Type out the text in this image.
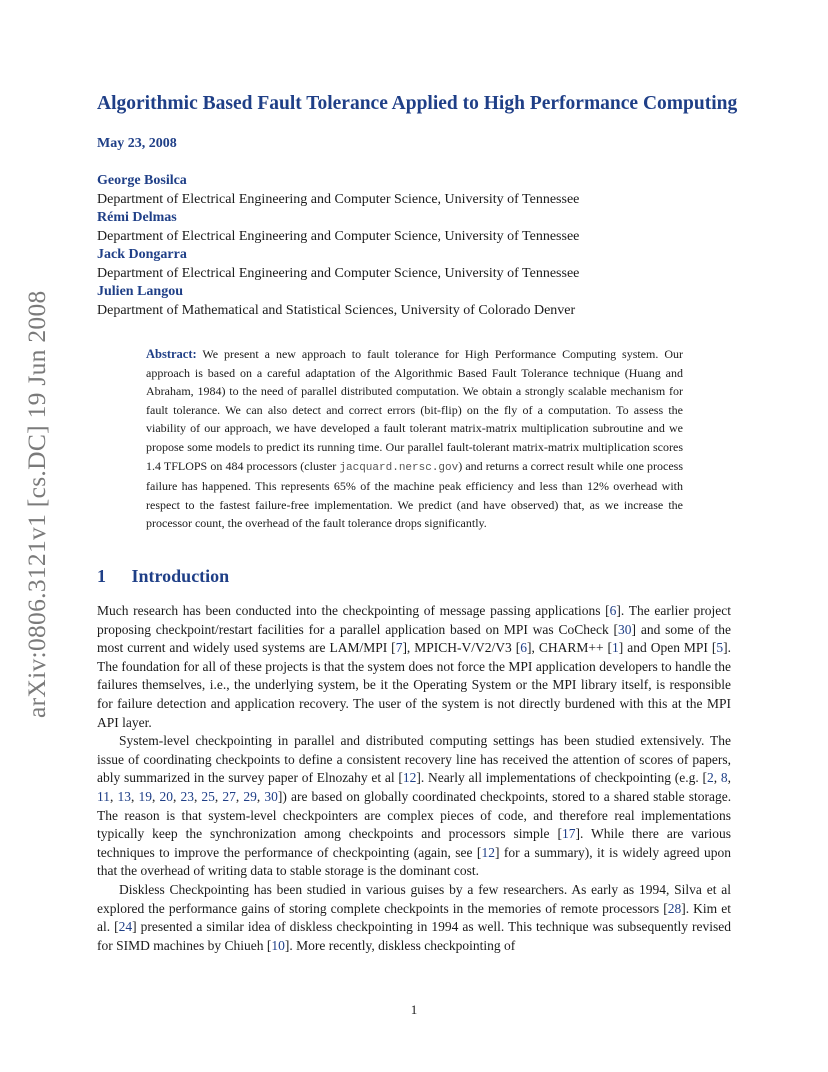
arXiv:0806.3121v1 [cs.DC] 19 Jun 2008
Algorithmic Based Fault Tolerance Applied to High Performance Computing
May 23, 2008
George Bosilca
Department of Electrical Engineering and Computer Science, University of Tennessee
Rémi Delmas
Department of Electrical Engineering and Computer Science, University of Tennessee
Jack Dongarra
Department of Electrical Engineering and Computer Science, University of Tennessee
Julien Langou
Department of Mathematical and Statistical Sciences, University of Colorado Denver
Abstract: We present a new approach to fault tolerance for High Performance Computing system. Our approach is based on a careful adaptation of the Algorithmic Based Fault Tolerance technique (Huang and Abraham, 1984) to the need of parallel distributed computation. We obtain a strongly scalable mechanism for fault tolerance. We can also detect and correct errors (bit-flip) on the fly of a computation. To assess the viability of our approach, we have developed a fault tolerant matrix-matrix multiplication subroutine and we propose some models to predict its running time. Our parallel fault-tolerant matrix-matrix multiplication scores 1.4 TFLOPS on 484 processors (cluster jacquard.nersc.gov) and returns a correct result while one process failure has happened. This represents 65% of the machine peak efficiency and less than 12% overhead with respect to the fastest failure-free implementation. We predict (and have observed) that, as we increase the processor count, the overhead of the fault tolerance drops significantly.
1 Introduction

Much research has been conducted into the checkpointing of message passing applications [6]. The earlier project proposing checkpoint/restart facilities for a parallel application based on MPI was CoCheck [30] and some of the most current and widely used systems are LAM/MPI [7], MPICH-V/V2/V3 [6], CHARM++ [1] and Open MPI [5]. The foundation for all of these projects is that the system does not force the MPI application developers to handle the failures themselves, i.e., the underlying system, be it the Operating System or the MPI library itself, is responsible for failure detection and application recovery. The user of the system is not directly burdened with this at the MPI API layer.

System-level checkpointing in parallel and distributed computing settings has been studied extensively. The issue of coordinating checkpoints to define a consistent recovery line has received the attention of scores of papers, ably summarized in the survey paper of Elnozahy et al [12]. Nearly all implementations of checkpointing (e.g. [2, 8, 11, 13, 19, 20, 23, 25, 27, 29, 30]) are based on globally coordinated checkpoints, stored to a shared stable storage. The reason is that system-level checkpointers are complex pieces of code, and therefore real implementations typically keep the synchronization among checkpoints and processors simple [17]. While there are various techniques to improve the performance of checkpointing (again, see [12] for a summary), it is widely agreed upon that the overhead of writing data to stable storage is the dominant cost.

Diskless Checkpointing has been studied in various guises by a few researchers. As early as 1994, Silva et al explored the performance gains of storing complete checkpoints in the memories of remote processors [28]. Kim et al. [24] presented a similar idea of diskless checkpointing in 1994 as well. This technique was subsequently revised for SIMD machines by Chiueh [10]. More recently, diskless checkpointing of

1
